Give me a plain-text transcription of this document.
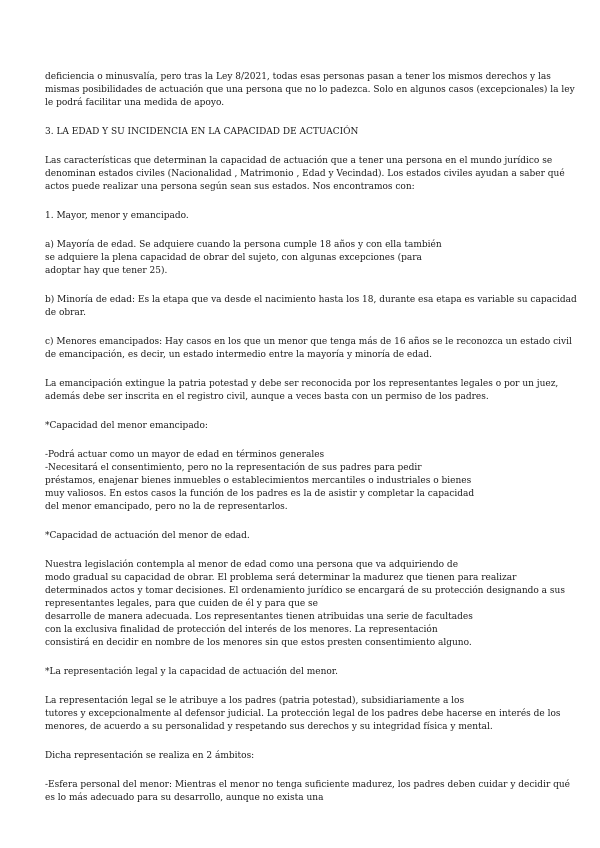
deficiencia o minusvalía, pero tras la Ley 8/2021, todas esas personas pasan a tener los mismos derechos y las
mismas posibilidades de actuación que una persona que no lo padezca. Solo en algunos casos (excepcionales) la ley
le podrá facilitar una medida de apoyo.
3. LA EDAD Y SU INCIDENCIA EN LA CAPACIDAD DE ACTUACIÓN
Las características que determinan la capacidad de actuación que a tener una persona en el mundo jurídico se
denominan estados civiles (Nacionalidad , Matrimonio , Edad y Vecindad). Los estados civiles ayudan a saber qué
actos puede realizar una persona según sean sus estados. Nos encontramos con:
1. Mayor, menor y emancipado.
a) Mayoría de edad. Se adquiere cuando la persona cumple 18 años y con ella también
se adquiere la plena capacidad de obrar del sujeto, con algunas excepciones (para
adoptar hay que tener 25).
b) Minoría de edad: Es la etapa que va desde el nacimiento hasta los 18, durante esa etapa es variable su capacidad
de obrar.
c) Menores emancipados: Hay casos en los que un menor que tenga más de 16 años se le reconozca un estado civil
de emancipación, es decir, un estado intermedio entre la mayoría y minoría de edad.
La emancipación extingue la patria potestad y debe ser reconocida por los representantes legales o por un juez,
además debe ser inscrita en el registro civil, aunque a veces basta con un permiso de los padres.
*Capacidad del menor emancipado:
-Podrá actuar como un mayor de edad en términos generales
-Necesitará el consentimiento, pero no la representación de sus padres para pedir
préstamos, enajenar bienes inmuebles o establecimientos mercantiles o industriales o bienes
muy valiosos. En estos casos la función de los padres es la de asistir y completar la capacidad
del menor emancipado, pero no la de representarlos.
*Capacidad de actuación del menor de edad.
Nuestra legislación contempla al menor de edad como una persona que va adquiriendo de
modo gradual su capacidad de obrar. El problema será determinar la madurez que tienen para realizar
determinados actos y tomar decisiones. El ordenamiento jurídico se encargará de su protección designando a sus
representantes legales, para que cuiden de él y para que se
desarrolle de manera adecuada. Los representantes tienen atribuidas una serie de facultades
con la exclusiva finalidad de protección del interés de los menores. La representación
consistirá en decidir en nombre de los menores sin que estos presten consentimiento alguno.
*La representación legal y la capacidad de actuación del menor.
La representación legal se le atribuye a los padres (patria potestad), subsidiariamente a los
tutores y excepcionalmente al defensor judicial. La protección legal de los padres debe hacerse en interés de los
menores, de acuerdo a su personalidad y respetando sus derechos y su integridad física y mental.
Dicha representación se realiza en 2 ámbitos:
-Esfera personal del menor: Mientras el menor no tenga suficiente madurez, los padres deben cuidar y decidir qué
es lo más adecuado para su desarrollo, aunque no exista una
